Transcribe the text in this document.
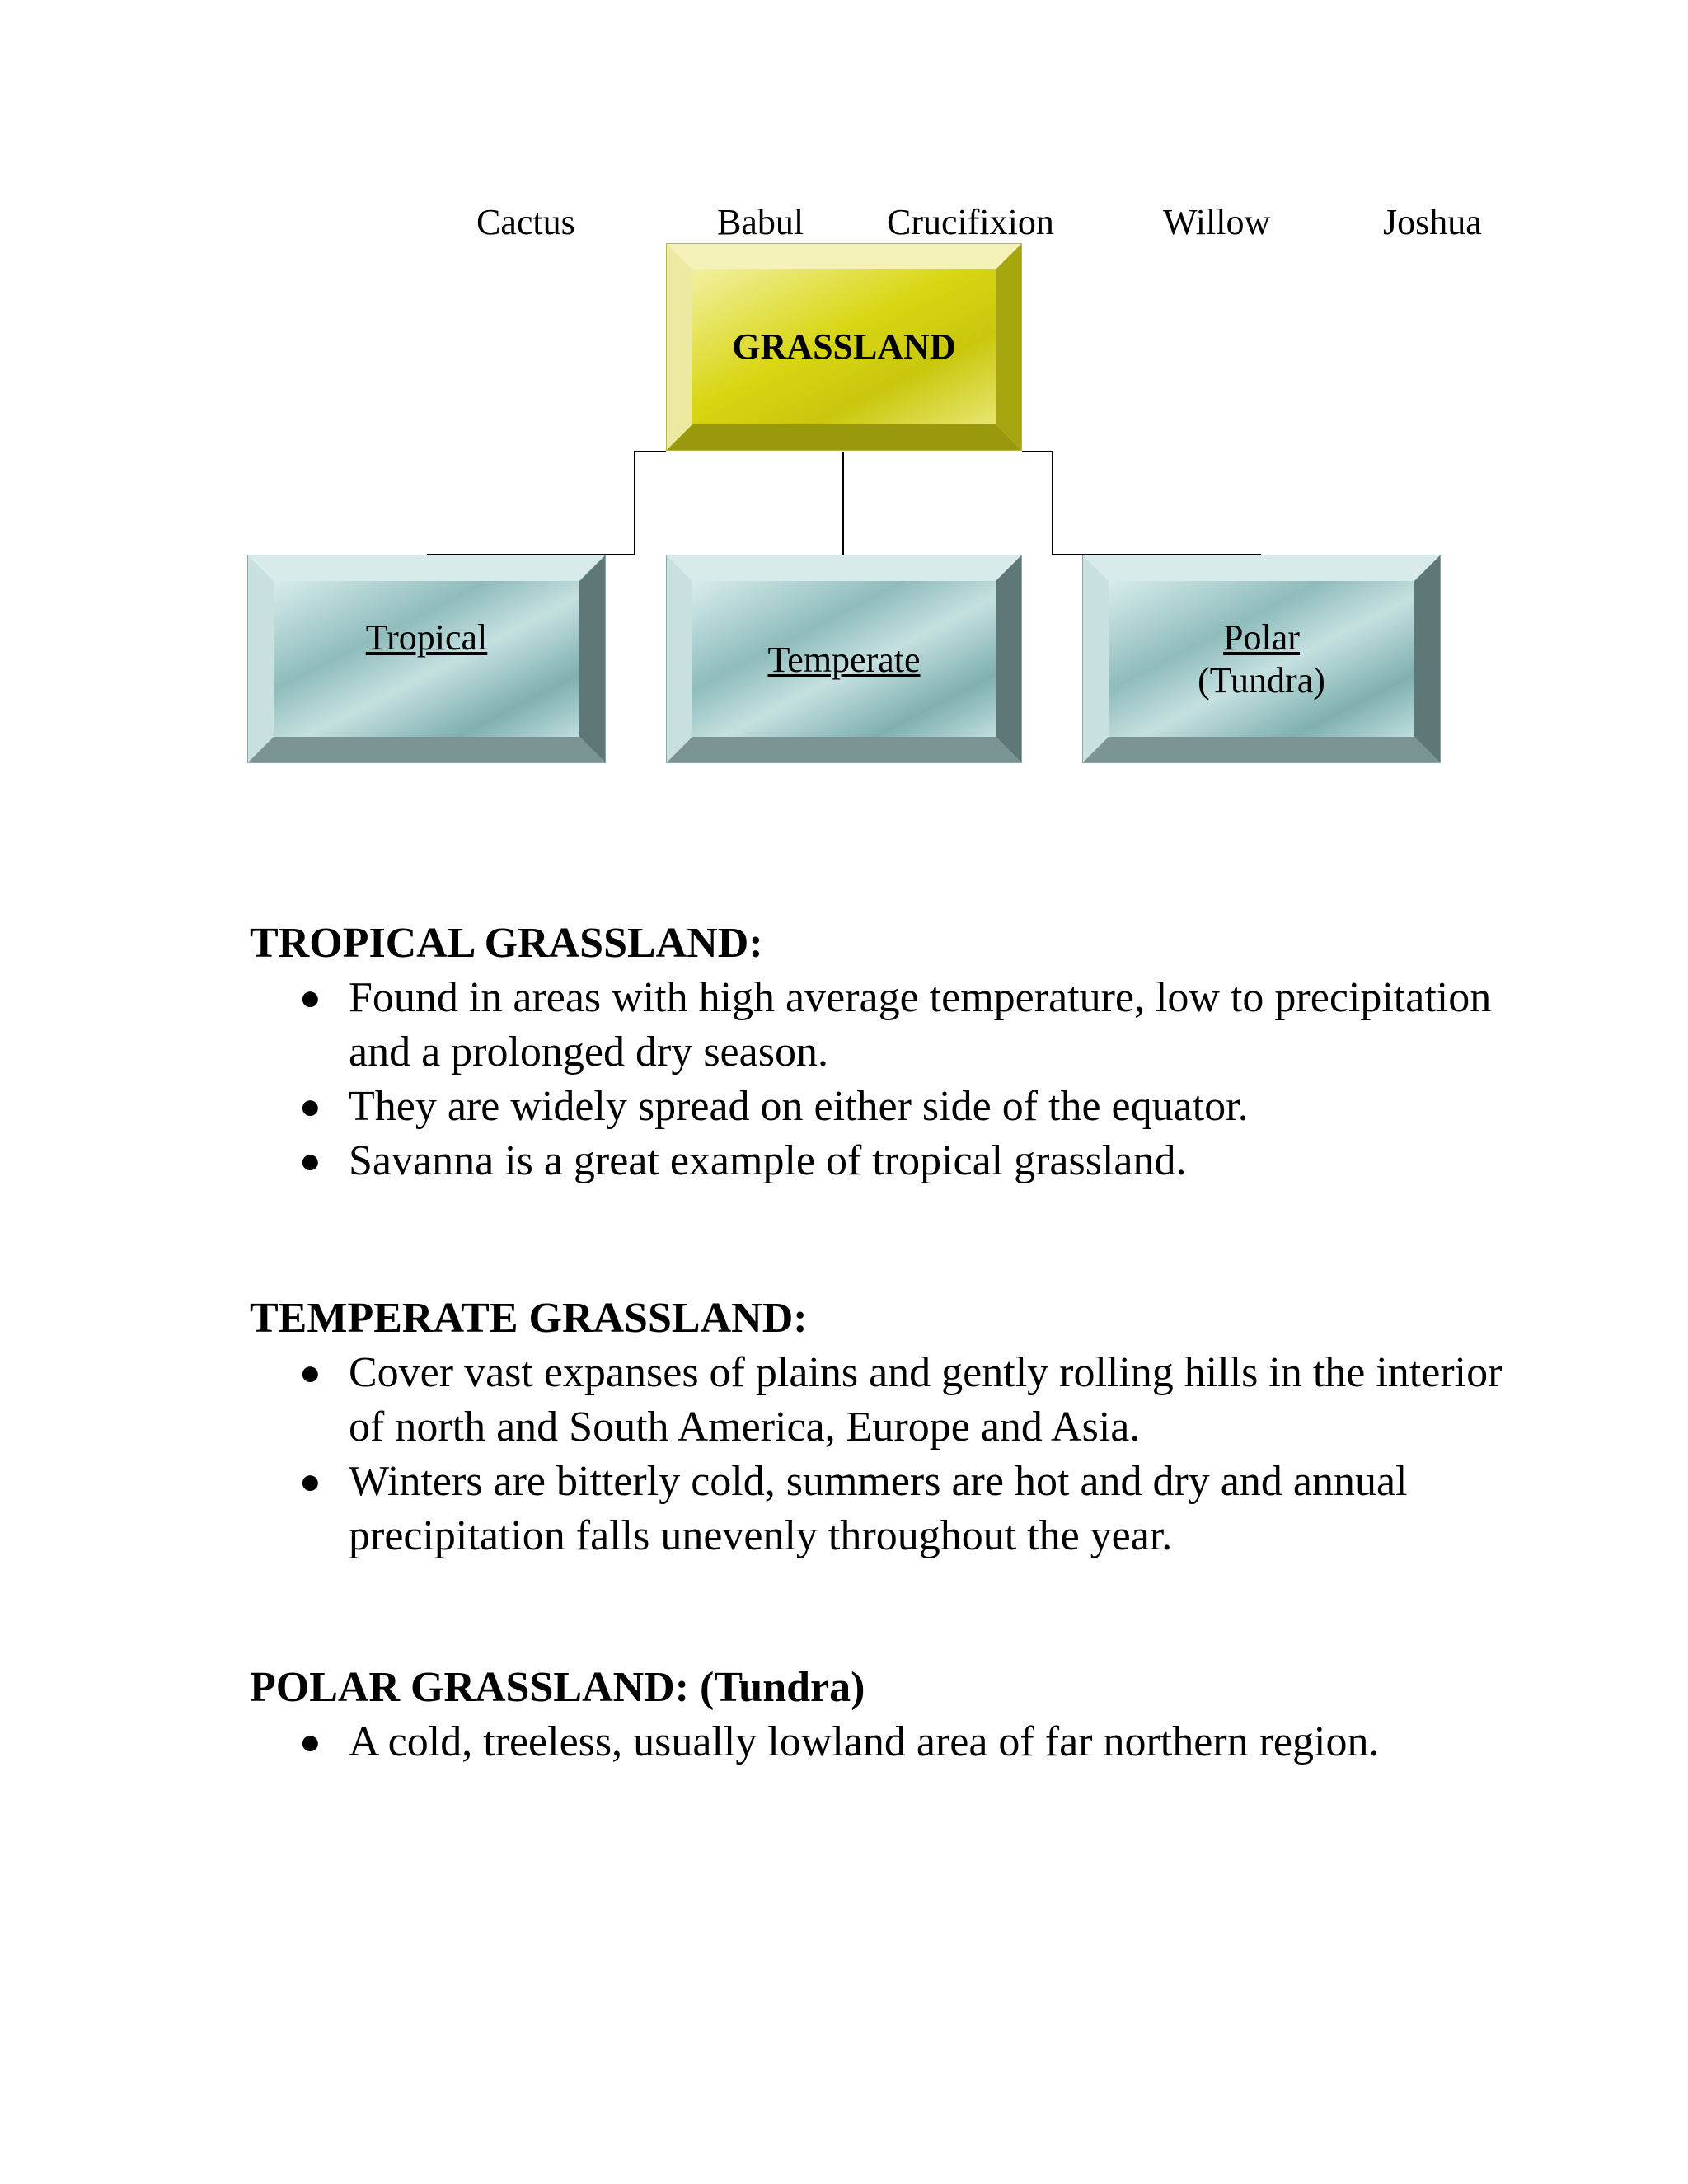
Cactus	Babul Crucifixion	Willow	Joshua
GRASSLAND
Tropical
Temperate
Polar
(Tundra)
TROPICAL GRASSLAND:
● Found in areas with high average temperature, low to precipitation
and a prolonged dry season.
● They are widely spread on either side of the equator.
● Savanna is a great example of tropical grassland.
TEMPERATE GRASSLAND:
● Cover vast expanses of plains and gently rolling hills in the interior
of north and South America, Europe and Asia.
● Winters are bitterly cold, summers are hot and dry and annual
precipitation falls unevenly throughout the year.
POLAR GRASSLAND: (Tundra)
● A cold, treeless, usually lowland area of far northern region.
